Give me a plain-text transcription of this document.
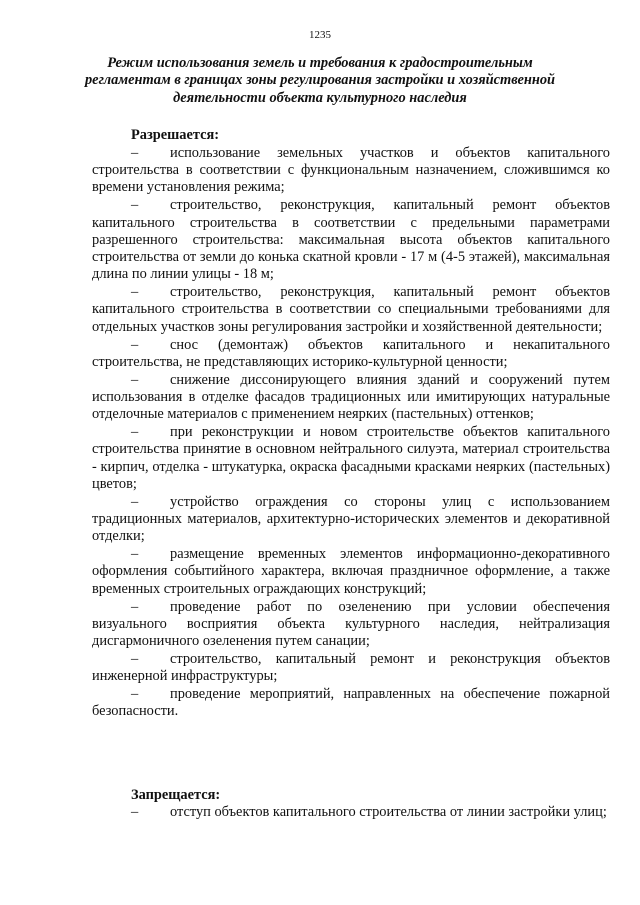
1235
Режим использования земель и требования к градостроительным регламентам в границах зоны регулирования застройки и хозяйственной деятельности объекта культурного наследия
Разрешается:

– использование земельных участков и объектов капитального строительства в соответствии с функциональным назначением, сложившимся ко времени установления режима;

– строительство, реконструкция, капитальный ремонт объектов капитального строительства в соответствии с предельными параметрами разрешенного строительства: максимальная высота объектов капитального строительства от земли до конька скатной кровли - 17 м (4-5 этажей), максимальная длина по линии улицы - 18 м;

– строительство, реконструкция, капитальный ремонт объектов капитального строительства в соответствии со специальными требованиями для отдельных участков зоны регулирования застройки и хозяйственной деятельности;

– снос (демонтаж) объектов капитального и некапитального строительства, не представляющих историко-культурной ценности;

– снижение диссонирующего влияния зданий и сооружений путем использования в отделке фасадов традиционных или имитирующих натуральные отделочные материалов с применением неярких (пастельных) оттенков;

– при реконструкции и новом строительстве объектов капитального строительства принятие в основном нейтрального силуэта, материал строительства - кирпич, отделка - штукатурка, окраска фасадными красками неярких (пастельных) цветов;

– устройство ограждения со стороны улиц с использованием традиционных материалов, архитектурно-исторических элементов и декоративной отделки;

– размещение временных элементов информационно-декоративного оформления событийного характера, включая праздничное оформление, а также временных строительных ограждающих конструкций;

– проведение работ по озеленению при условии обеспечения визуального восприятия объекта культурного наследия, нейтрализация дисгармоничного озеленения путем санации;

– строительство, капитальный ремонт и реконструкция объектов инженерной инфраструктуры;

– проведение мероприятий, направленных на обеспечение пожарной безопасности.

Запрещается:

– отступ объектов капитального строительства от линии застройки улиц;
